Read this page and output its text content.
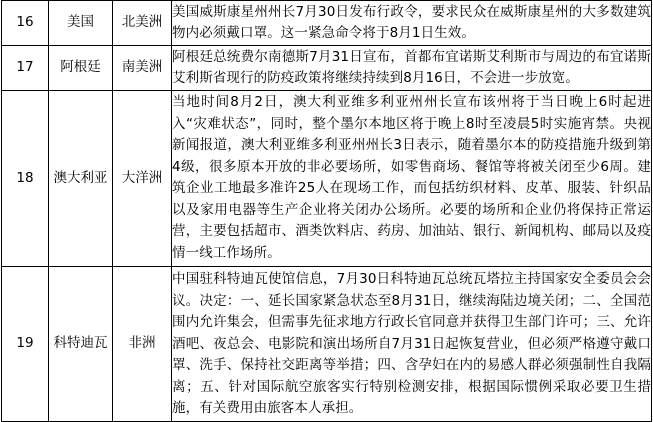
16	美国	北美洲	美国威斯康星州州长7月30日发布行政令，要求民众在威斯康星州的大多数建筑物内必须戴口罩。这一紧急命令将于8月1日生效。
17	阿根廷	南美洲	阿根廷总统费尔南德斯7月31日宣布，首都布宜诺斯艾利斯市与周边的布宜诺斯艾利斯省现行的防疫政策将继续持续到8月16日，不会进一步放宽。
18	澳大利亚	大洋洲	当地时间8月2日，澳大利亚维多利亚州州长宣布该州将于当日晚上6时起进入“灾难状态”，同时，整个墨尔本地区将于晚上8时至凌晨5时实施宵禁。央视新闻报道，澳大利亚维多利亚州州长3日表示，随着墨尔本的防疫措施升级到第4级，很多原本开放的非必要场所，如零售商场、餐馆等将被关闭至少6周。建筑企业工地最多准许25人在现场工作，而包括纺织材料、皮革、服装、针织品以及家用电器等生产企业将关闭办公场所。必要的场所和企业仍将保持正常运营，主要包括超市、酒类饮料店、药房、加油站、银行、新闻机构、邮局以及疫情一线工作场所。
19	科特迪瓦	非洲	中国驻科特迪瓦使馆信息，7月30日科特迪瓦总统瓦塔拉主持国家安全委员会会议。决定：一、延长国家紧急状态至8月31日，继续海陆边境关闭；二、全国范围内允许集会，但需事先征求地方行政长官同意并获得卫生部门许可；三、允许酒吧、夜总会、电影院和演出场所自7月31日起恢复营业，但必须严格遵守戴口罩、洗手、保持社交距离等举措；四、含孕妇在内的易感人群必须强制性自我隔离；五、针对国际航空旅客实行特别检测安排，根据国际惯例采取必要卫生措施，有关费用由旅客本人承担。
